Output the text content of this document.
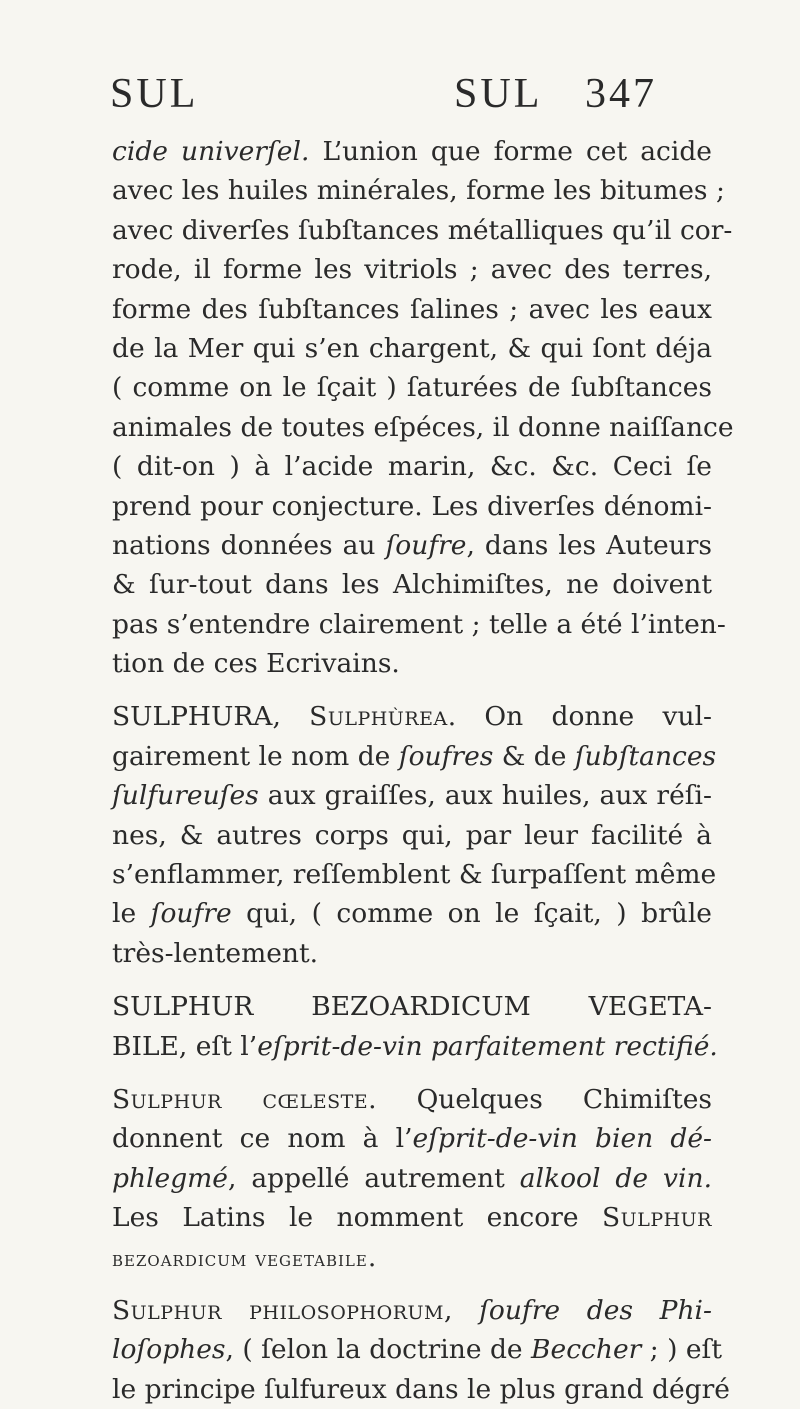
SUL	SUL 347
cide univerſel. L’union que forme cet acide
avec les huiles minérales, forme les bitumes ;
avec diverſes ſubſtances métalliques qu’il cor-
rode, il forme les vitriols ; avec des terres,
forme des ſubſtances ſalines ; avec les eaux
de la Mer qui s’en chargent, & qui ſont déja
( comme on le ſçait ) ſaturées de ſubſtances
animales de toutes eſpéces, il donne naiſſance
( dit-on ) à l’acide marin, &c. &c. Ceci ſe
prend pour conjecture. Les diverſes dénomi-
nations données au ſoufre, dans les Auteurs
& ſur-tout dans les Alchimiſtes, ne doivent
pas s’entendre clairement ; telle a été l’inten-
tion de ces Ecrivains.
SULPHURA, Sulphùrea. On donne vul-
gairement le nom de ſoufres & de ſubſtances
ſulfureuſes aux graiſſes, aux huiles, aux réſi-
nes, & autres corps qui, par leur facilité à
s’enflammer, reſſemblent & ſurpaſſent même
le ſoufre qui, ( comme on le ſçait, ) brûle
très-lentement.
SULPHUR BEZOARDICUM VEGETA-
BILE, eſt l’eſprit-de-vin parfaitement rectifié.
Sulphur cœleste. Quelques Chimiſtes
donnent ce nom à l’eſprit-de-vin bien dé-
phlegmé, appellé autrement alkool de vin.
Les Latins le nomment encore Sulphur
bezoardicum vegetabile.
Sulphur philosophorum, ſoufre des Phi-
loſophes, ( ſelon la doctrine de Beccher ; ) eſt
le principe ſulfureux dans le plus grand dégré
